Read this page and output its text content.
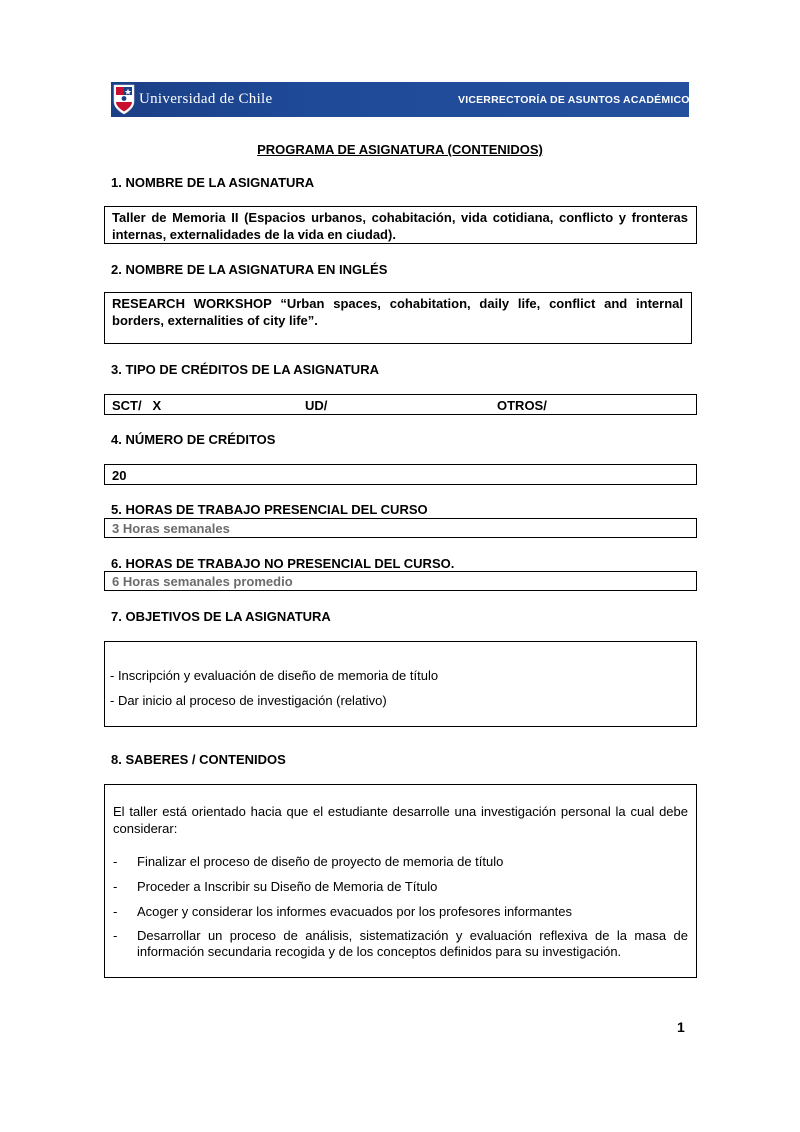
Universidad de Chile	VICERRECTORÍA DE ASUNTOS ACADÉMICOS
PROGRAMA DE ASIGNATURA (CONTENIDOS)
1. NOMBRE DE LA ASIGNATURA
Taller de Memoria II (Espacios urbanos, cohabitación, vida cotidiana, conflicto y fronteras internas, externalidades de la vida en ciudad).
2. NOMBRE DE LA ASIGNATURA EN INGLÉS
RESEARCH WORKSHOP “Urban spaces, cohabitation, daily life, conflict and internal borders, externalities of city life”.
3. TIPO DE CRÉDITOS DE LA ASIGNATURA
SCT/   X	UD/	OTROS/
4. NÚMERO DE CRÉDITOS
20
5. HORAS DE TRABAJO PRESENCIAL DEL CURSO
3 Horas semanales
6. HORAS DE TRABAJO NO PRESENCIAL DEL CURSO.
6 Horas semanales promedio
7. OBJETIVOS DE LA ASIGNATURA
- Inscripción y evaluación de diseño de memoria de título
- Dar inicio al proceso de investigación (relativo)
8. SABERES / CONTENIDOS
El taller está orientado hacia que el estudiante desarrolle una investigación personal la cual debe considerar:
- Finalizar el proceso de diseño de proyecto de memoria de título
- Proceder a Inscribir su Diseño de Memoria de Título
- Acoger y considerar los informes evacuados por los profesores informantes
- Desarrollar un proceso de análisis, sistematización y evaluación reflexiva de la masa de información secundaria recogida y de los conceptos definidos para su investigación.
1
